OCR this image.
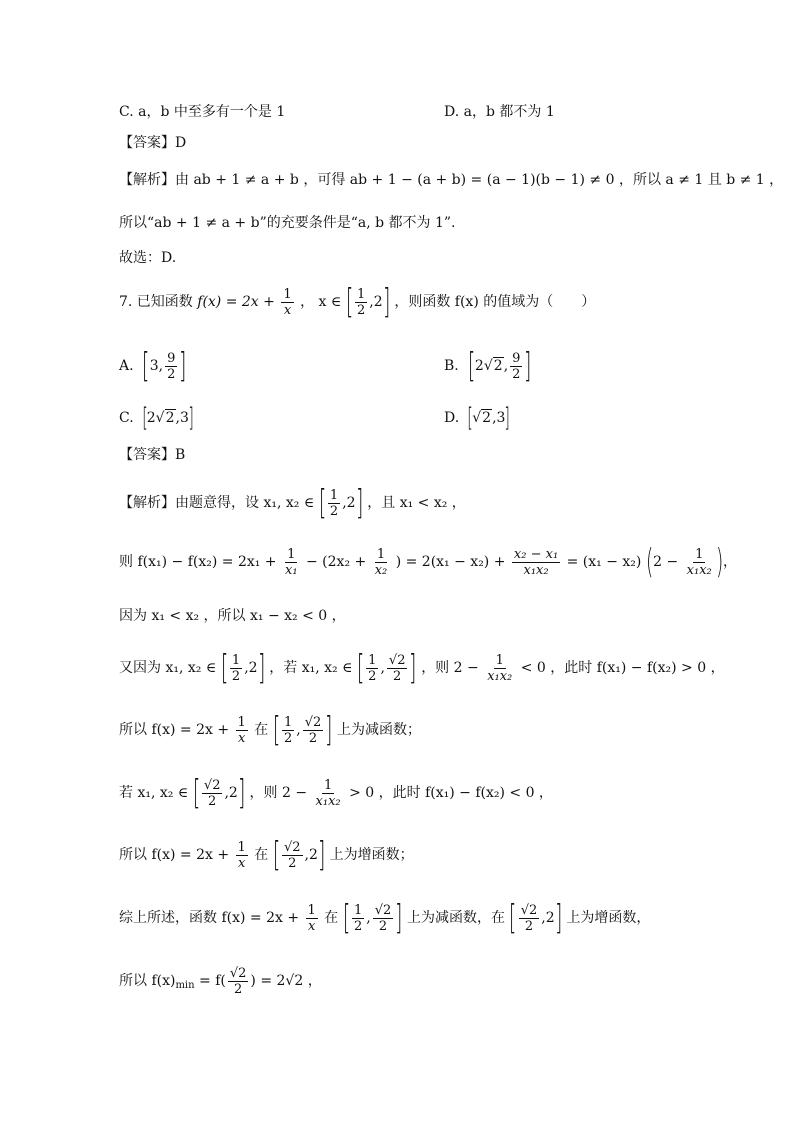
C. a，b 中至多有一个是 1	D. a，b 都不为 1
【答案】D
【解析】由 ab + 1 ≠ a + b ，可得 ab + 1 − (a + b) = (a − 1)(b − 1) ≠ 0 ，所以 a ≠ 1 且 b ≠ 1 ，
所以“ab + 1 ≠ a + b”的充要条件是“a, b 都不为 1”.
故选：D.
7. 已知函数 $f(x) = 2x + \frac{1}{x}$ ， x ∈ [ $\frac{1}{2} ,2$] ，则函数 f(x) 的值域为（　　）
A. [3, $\frac{9}{2}$ ]	B. [2√2, $\frac{9}{2}$ ]
C. [2√2,3]	D. [√2,3]
【答案】B
【解析】由题意得，设 x₁, x₂ ∈ [ $\frac{1}{2} ,2$] ，且 x₁ < x₂ ，
则 $f(x_1) - f(x_2) = 2x_1 + \frac{1}{\text{x₁}} - (2x_2 + \frac{1}{\text{x₂}}$ ) = $2(x_1 - x_2) + \frac{\text{x₂ − x₁}}{\text{x₁x₂}} = (x_1 - x_2) (2 - \frac{1}{\text{x₁x₂}}$ )，
因为 x₁ < x₂ ，所以 x₁ − x₂ < 0 ，
又因为 x₁, x₂ ∈ [ $\frac{1}{2} ,2$] ，若 x₁, x₂ ∈ [ $\frac{1}{2}$ , $\frac{√2}{2}$ ] ，则 $2 - \frac{1}{\text{x₁x₂}} < 0$ ，此时 f(x₁) − f(x₂) > 0 ，
所以 $f(x) = 2x + \frac{1}{x}$ 在 [ $\frac{1}{2}$ , $\frac{√2}{2}$ ] 上为减函数；
若 x₁, x₂ ∈ [ $\frac{√2}{2} ,2$] ，则 $2 - \frac{1}{\text{x₁x₂}} > 0$ ，此时 f(x₁) − f(x₂) < 0 ，
所以 $f(x) = 2x + \frac{1}{x}$ 在 [ $\frac{√2}{2} ,2$] 上为增函数；
综上所述，函数 $f(x) = 2x + \frac{1}{x}$ 在 [ $\frac{1}{2}$ , $\frac{√2}{2}$ ] 上为减函数，在 [ $\frac{√2}{2} ,2$] 上为增函数，
所以 $f(x)_{min} = f( \frac{√2}{2}$ ) = 2√2 ，
